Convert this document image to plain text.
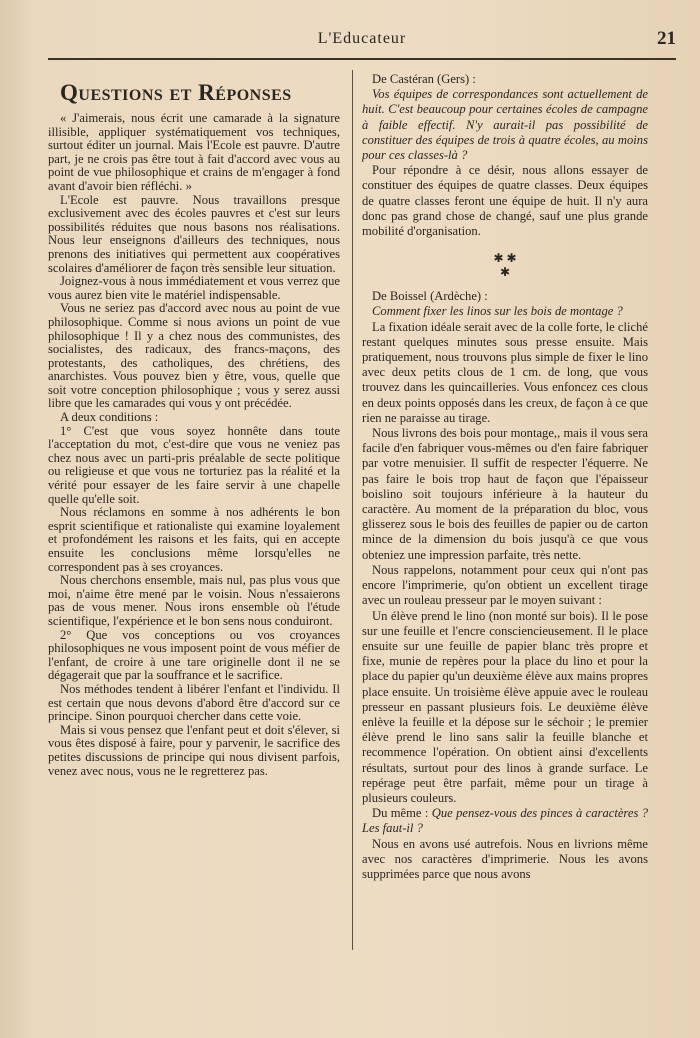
L'Educateur	21
Questions et Réponses

« J'aimerais, nous écrit une camarade à la signature illisible, appliquer systématiquement vos techniques, surtout éditer un journal. Mais l'Ecole est pauvre. D'autre part, je ne crois pas être tout à fait d'accord avec vous au point de vue philosophique et crains de m'engager à fond avant d'avoir bien réfléchi. »

L'Ecole est pauvre. Nous travaillons presque exclusivement avec des écoles pauvres et c'est sur leurs possibilités réduites que nous basons nos réalisations. Nous leur enseignons d'ailleurs des techniques, nous prenons des initiatives qui permettent aux coopératives scolaires d'améliorer de façon très sensible leur situation.

Joignez-vous à nous immédiatement et vous verrez que vous aurez bien vite le matériel indispensable.

Vous ne seriez pas d'accord avec nous au point de vue philosophique. Comme si nous avions un point de vue philosophique ! Il y a chez nous des communistes, des socialistes, des radicaux, des francs-maçons, des protestants, des catholiques, des chrétiens, des anarchistes. Vous pouvez bien y être, vous, quelle que soit votre conception philosophique ; vous y serez aussi libre que les camarades qui vous y ont précédée.

A deux conditions :

1° C'est que vous soyez honnête dans toute l'acceptation du mot, c'est-dire que vous ne veniez pas chez nous avec un parti-pris préalable de secte politique ou religieuse et que vous ne torturiez pas la réalité et la vérité pour essayer de les faire servir à une chapelle quelle qu'elle soit.

Nous réclamons en somme à nos adhérents le bon esprit scientifique et rationaliste qui examine loyalement et profondément les raisons et les faits, qui en accepte ensuite les conclusions même lorsqu'elles ne correspondent pas à ses croyances.

Nous cherchons ensemble, mais nul, pas plus vous que moi, n'aime être mené par le voisin. Nous n'essaierons pas de vous mener. Nous irons ensemble où l'étude scientifique, l'expérience et le bon sens nous conduiront.

2° Que vos conceptions ou vos croyances philosophiques ne vous imposent point de vous méfier de l'enfant, de croire à une tare originelle dont il ne se dégagerait que par la souffrance et le sacrifice.

Nos méthodes tendent à libérer l'enfant et l'individu. Il est certain que nous devons d'abord être d'accord sur ce principe. Sinon pourquoi chercher dans cette voie.

Mais si vous pensez que l'enfant peut et doit s'élever, si vous êtes disposé à faire, pour y parvenir, le sacrifice des petites discussions de principe qui nous divisent parfois, venez avec nous, vous ne le regretterez pas.

De Castéran (Gers) :

Vos équipes de correspondances sont actuellement de huit. C'est beaucoup pour certaines écoles de campagne à faible effectif. N'y aurait-il pas possibilité de constituer des équipes de trois à quatre écoles, au moins pour ces classes-là ?

Pour répondre à ce désir, nous allons essayer de constituer des équipes de quatre classes. Deux équipes de quatre classes feront une équipe de huit. Il n'y aura donc pas grand chose de changé, sauf une plus grande mobilité d'organisation.

✱ ✱
✱

De Boissel (Ardèche) :

Comment fixer les linos sur les bois de montage ?

La fixation idéale serait avec de la colle forte, le cliché restant quelques minutes sous presse ensuite. Mais pratiquement, nous trouvons plus simple de fixer le lino avec deux petits clous de 1 cm. de long, que vous trouvez dans les quincailleries. Vous enfoncez ces clous en deux points opposés dans les creux, de façon à ce que rien ne paraisse au tirage.

Nous livrons des bois pour montage,, mais il vous sera facile d'en fabriquer vous-mêmes ou d'en faire fabriquer par votre menuisier. Il suffit de respecter l'équerre. Ne pas faire le bois trop haut de façon que l'épaisseur boislino soit toujours inférieure à la hauteur du caractère. Au moment de la préparation du bloc, vous glisserez sous le bois des feuilles de papier ou de carton mince de la dimension du bois jusqu'à ce que vous obteniez une impression parfaite, très nette.

Nous rappelons, notamment pour ceux qui n'ont pas encore l'imprimerie, qu'on obtient un excellent tirage avec un rouleau presseur par le moyen suivant :

Un élève prend le lino (non monté sur bois). Il le pose sur une feuille et l'encre consciencieusement. Il le place ensuite sur une feuille de papier blanc très propre et fixe, munie de repères pour la place du lino et pour la place du papier qu'un deuxième élève aux mains propres place ensuite. Un troisième élève appuie avec le rouleau presseur en passant plusieurs fois. Le deuxième élève enlève la feuille et la dépose sur le séchoir ; le premier élève prend le lino sans salir la feuille blanche et recommence l'opération. On obtient ainsi d'excellents résultats, surtout pour des linos à grande surface. Le repérage peut être parfait, même pour un tirage à plusieurs couleurs.

Du même : Que pensez-vous des pinces à caractères ? Les faut-il ?

Nous en avons usé autrefois. Nous en livrions même avec nos caractères d'imprimerie. Nous les avons supprimées parce que nous avons
